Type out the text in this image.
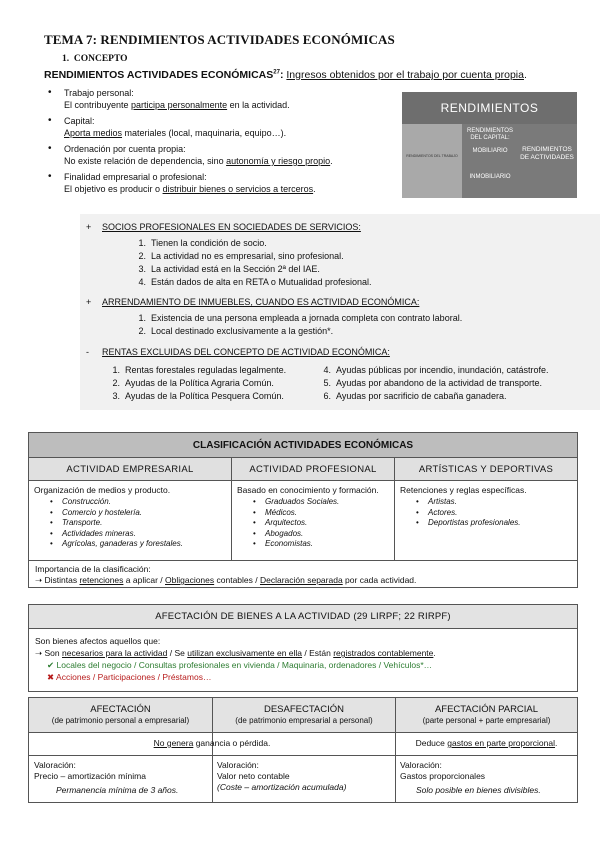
TEMA 7: RENDIMIENTOS ACTIVIDADES ECONÓMICAS
1. CONCEPTO
RENDIMIENTOS ACTIVIDADES ECONÓMICAS$^{27}$: Ingresos obtenidos por el trabajo por cuenta propia.
• Trabajo personal:
El contribuyente participa personalmente en la actividad.
• Capital:
Aporta medios materiales (local, maquinaria, equipo…).
• Ordenación por cuenta propia:
No existe relación de dependencia, sino autonomía y riesgo propio.
• Finalidad empresarial o profesional:
El objetivo es producir o distribuir bienes o servicios a terceros.
RENDIMIENTOS
RENDIMIENTOS DEL TRABAJO
RENDIMIENTOS DEL CAPITAL:
MOBILIARIO
INMOBILIARIO
RENDIMIENTOS DE ACTIVIDADES
+ SOCIOS PROFESIONALES EN SOCIEDADES DE SERVICIOS:
1. Tienen la condición de socio.
2. La actividad no es empresarial, sino profesional.
3. La actividad está en la Sección 2ª del IAE.
4. Están dados de alta en RETA o Mutualidad profesional.
+ ARRENDAMIENTO DE INMUEBLES, CUANDO ES ACTIVIDAD ECONÓMICA:
1. Existencia de una persona empleada a jornada completa con contrato laboral.
2. Local destinado exclusivamente a la gestión*.
- RENTAS EXCLUIDAS DEL CONCEPTO DE ACTIVIDAD ECONÓMICA:
1. Rentas forestales reguladas legalmente.
2. Ayudas de la Política Agraria Común.
3. Ayudas de la Política Pesquera Común.
4. Ayudas públicas por incendio, inundación, catástrofe.
5. Ayudas por abandono de la actividad de transporte.
6. Ayudas por sacrificio de cabaña ganadera.
CLASIFICACIÓN ACTIVIDADES ECONÓMICAS
ACTIVIDAD EMPRESARIAL	ACTIVIDAD PROFESIONAL	ARTÍSTICAS Y DEPORTIVAS
Organización de medios y producto.
• Construcción.
• Comercio y hostelería.
• Transporte.
• Actividades mineras.
• Agrícolas, ganaderas y forestales.
Basado en conocimiento y formación.
• Graduados Sociales.
• Médicos.
• Arquitectos.
• Abogados.
• Economistas.
Retenciones y reglas específicas.
• Artistas.
• Actores.
• Deportistas profesionales.
Importancia de la clasificación:
➝ Distintas retenciones a aplicar / Obligaciones contables / Declaración separada por cada actividad.
AFECTACIÓN DE BIENES A LA ACTIVIDAD (29 LIRPF; 22 RIRPF)
Son bienes afectos aquellos que:
➝ Son necesarios para la actividad / Se utilizan exclusivamente en ella / Están registrados contablemente.
✔ Locales del negocio / Consultas profesionales en vivienda / Maquinaria, ordenadores / Vehículos*…
✖ Acciones / Participaciones / Préstamos…
AFECTACIÓN
(de patrimonio personal a empresarial)
DESAFECTACIÓN
(de patrimonio empresarial a personal)
AFECTACIÓN PARCIAL
(parte personal + parte empresarial)
No genera ganancia o pérdida.	Deduce gastos en parte proporcional.
Valoración:
Precio – amortización mínima
Permanencia mínima de 3 años.
Valoración:
Valor neto contable
(Coste – amortización acumulada)
Valoración:
Gastos proporcionales
Solo posible en bienes divisibles.
